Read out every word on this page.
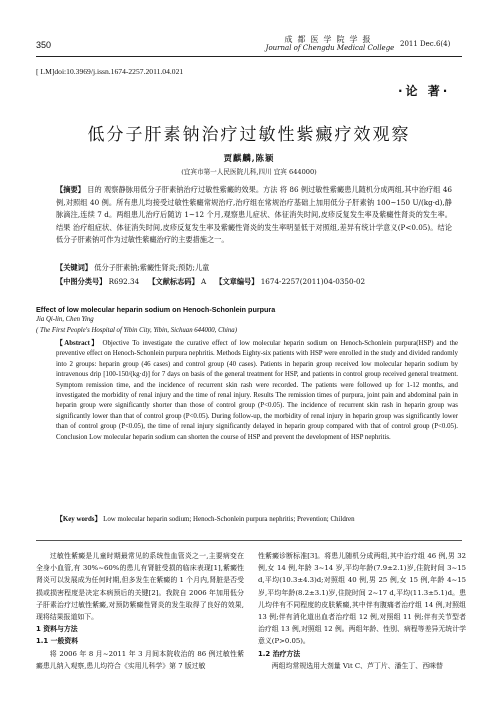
350
成都医学院学报
Journal of Chengdu Medical College 2011 Dec.6(4)
[ LM]doi:10.3969/j.issn.1674-2257.2011.04.021
·论 著·
低分子肝素钠治疗过敏性紫癜疗效观察
贾麒麟,陈颖
(宜宾市第一人民医院儿科,四川 宜宾 644000)
【摘要】 目的 观察静脉用低分子肝素钠治疗过敏性紫癜的效果。方法 将 86 例过敏性紫癜患儿随机分成两组,其中治疗组 46 例,对照组 40 例。所有患儿均接受过敏性紫癜常规治疗,治疗组在常规治疗基础上加用低分子肝素钠 100~150 U/(kg·d),静脉滴注,连续 7 d。两组患儿治疗后随访 1~12 个月,观察患儿症状、体征消失时间,皮疹反复发生率及紫癜性肾炎的发生率。结果 治疗组症状、体征消失时间,皮疹反复发生率及紫癜性肾炎的发生率明显低于对照组,差异有统计学意义(P<0.05)。结论 低分子肝素钠可作为过敏性紫癜治疗的主要措施之一。
【关键词】 低分子肝素钠;紫癜性肾炎;预防;儿童
【中图分类号】 R692.34 【文献标志码】 A 【文章编号】 1674-2257(2011)04-0350-02
Effect of low molecular heparin sodium on Henoch-Schonlein purpura
Jia Qi-lin, Chen Ying
( The First People's Hospital of Yibin City, Yibin, Sichuan 644000, China)
【Abstract】 Objective To investigate the curative effect of low molecular heparin sodium on Henoch-Schonlein purpura(HSP) and the preventive effect on Henoch-Schonlein purpura nephritis. Methods Eighty-six patients with HSP were enrolled in the study and divided randomly into 2 groups: heparin group (46 cases) and control group (40 cases). Patients in heparin group received low molecular heparin sodium by intravenous drip [100-150/(kg·d)] for 7 days on basis of the general treatment for HSP, and patients in control group received general treatment. Symptom remission time, and the incidence of recurrent skin rash were recorded. The patients were followed up for 1-12 months, and investigated the morbidity of renal injury and the time of renal injury. Results The remission times of purpura, joint pain and abdominal pain in heparin group were significantly shorter than those of control group (P<0.05). The incidence of recurrent skin rash in heparin group was significantly lower than that of control group (P<0.05). During follow-up, the morbidity of renal injury in heparin group was significantly lower than of control group (P<0.05), the time of renal injury significantly delayed in heparin group compared with that of control group (P<0.05). Conclusion Low molecular heparin sodium can shorten the course of HSP and prevent the development of HSP nephritis.
【Key words】 Low molecular heparin sodium; Henoch-Schonlein purpura nephritis; Prevention; Children

过敏性紫癜是儿童时期最常见的系统性血管炎之一,主要病变在全身小血管,有 30%~60%的患儿有肾脏受损的临床表现[1],紫癜性肾炎可以发展成为任何时期,但多发生在紫癜的 1 个月内,肾脏是否受损或损害程度是决定本病预后的关键[2]。我院自 2006 年加用低分子肝素治疗过敏性紫癜,对预防紫癜性肾炎的发生取得了良好的效果,现将结果报道如下。

1 资料与方法

1.1 一般资料

将 2006 年 8 月~2011 年 3 月间本院收治的 86 例过敏性紫癜患儿纳入观察,患儿均符合《实用儿科学》第 7 版过敏

性紫癜诊断标准[3]。将患儿随机分成两组,其中治疗组 46 例,男 32 例,女 14 例,年龄 3~14 岁,平均年龄(7.9±2.1)岁,住院时间 3~15 d,平均(10.3±4.3)d;对照组 40 例,男 25 例,女 15 例,年龄 4~15 岁,平均年龄(8.2±3.1)岁,住院时间 2~17 d,平均(11.3±5.1)d。患儿均伴有不同程度的皮肤紫癜,其中伴有腹痛者治疗组 14 例,对照组 13 例;伴有消化道出血者治疗组 12 例,对照组 11 例;伴有关节型者治疗组 13 例,对照组 12 例。两组年龄、性别、病程等差异无统计学意义(P>0.05)。

1.2 治疗方法

两组均常规选用大剂量 Vit C、芦丁片、潘生丁、西咪替
